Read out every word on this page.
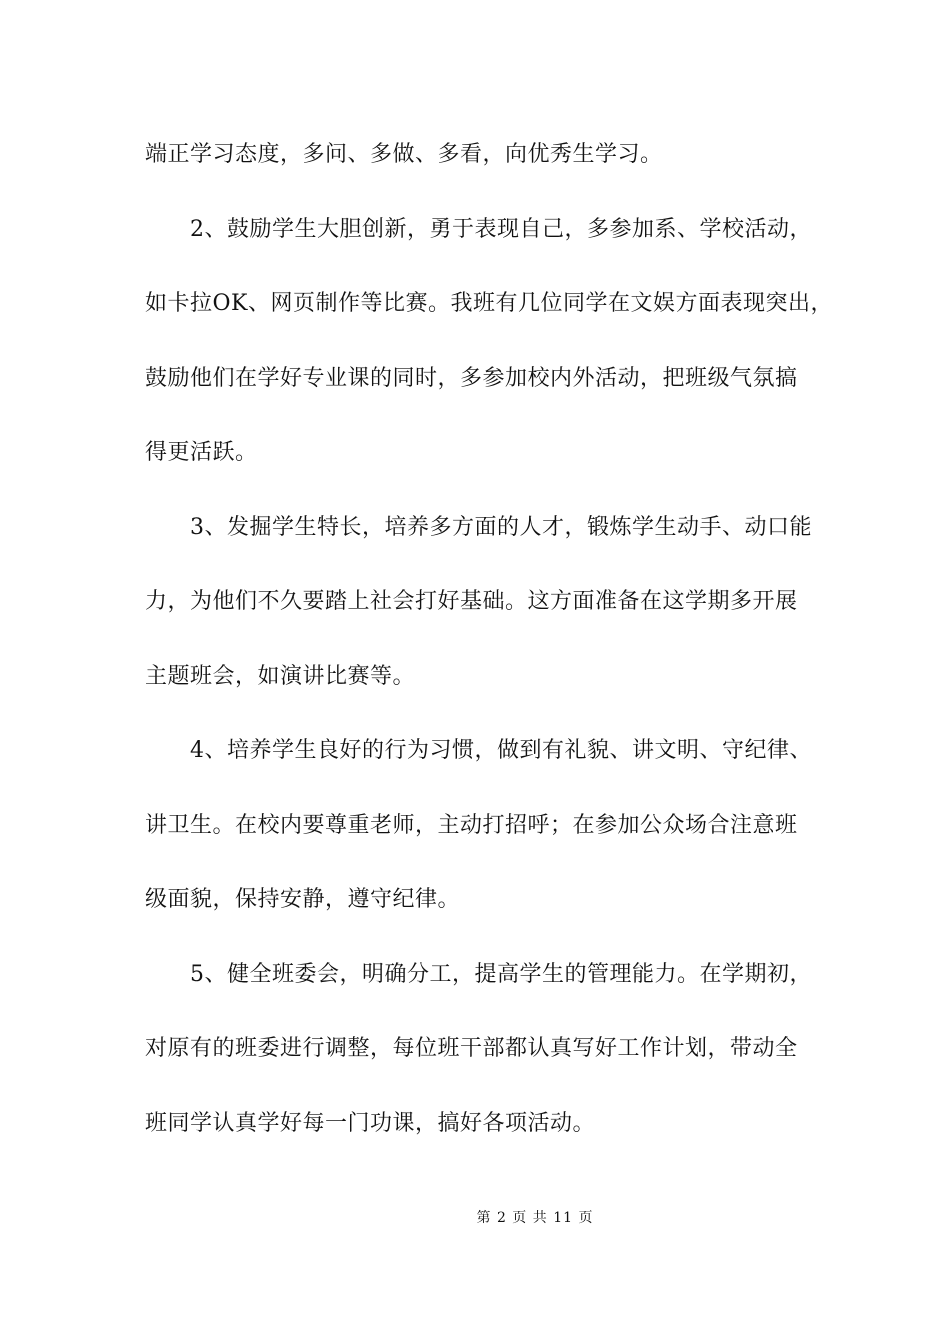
端正学习态度，多问、多做、多看，向优秀生学习。
2、鼓励学生大胆创新，勇于表现自己，多参加系、学校活动，
如卡拉OK、网页制作等比赛。我班有几位同学在文娱方面表现突出，
鼓励他们在学好专业课的同时，多参加校内外活动，把班级气氛搞
得更活跃。
3、发掘学生特长，培养多方面的人才，锻炼学生动手、动口能
力，为他们不久要踏上社会打好基础。这方面准备在这学期多开展
主题班会，如演讲比赛等。
4、培养学生良好的行为习惯，做到有礼貌、讲文明、守纪律、
讲卫生。在校内要尊重老师，主动打招呼；在参加公众场合注意班
级面貌，保持安静，遵守纪律。
5、健全班委会，明确分工，提高学生的管理能力。在学期初，
对原有的班委进行调整，每位班干部都认真写好工作计划，带动全
班同学认真学好每一门功课，搞好各项活动。
第 2 页 共 11 页
